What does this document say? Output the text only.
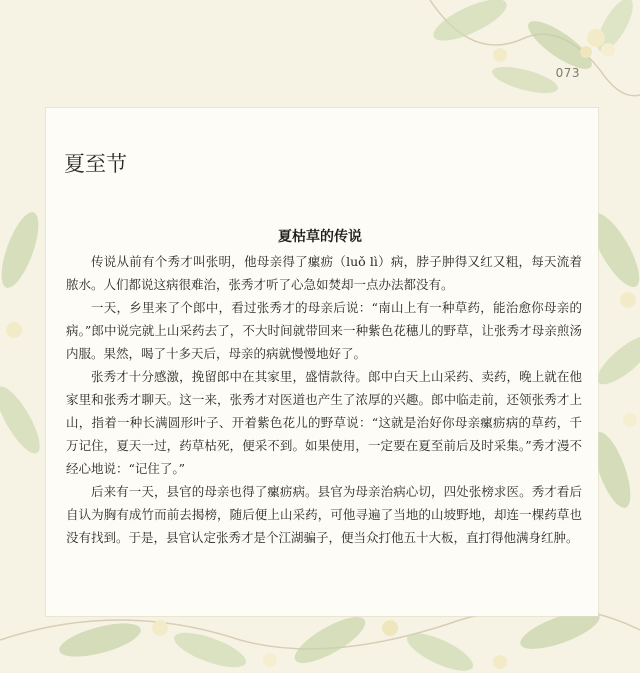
073
夏至节
夏枯草的传说

传说从前有个秀才叫张明，他母亲得了瘰疬（luǒ lì）病，脖子肿得又红又粗，每天流着脓水。人们都说这病很难治，张秀才听了心急如焚却一点办法都没有。

一天，乡里来了个郎中，看过张秀才的母亲后说：“南山上有一种草药，能治愈你母亲的病。”郎中说完就上山采药去了，不大时间就带回来一种紫色花穗儿的野草，让张秀才母亲煎汤内服。果然，喝了十多天后，母亲的病就慢慢地好了。

张秀才十分感激，挽留郎中在其家里，盛情款待。郎中白天上山采药、卖药，晚上就在他家里和张秀才聊天。这一来，张秀才对医道也产生了浓厚的兴趣。郎中临走前，还领张秀才上山，指着一种长满圆形叶子、开着紫色花儿的野草说：“这就是治好你母亲瘰疬病的草药，千万记住，夏天一过，药草枯死，便采不到。如果使用，一定要在夏至前后及时采集。”秀才漫不经心地说：“记住了。”

后来有一天，县官的母亲也得了瘰疬病。县官为母亲治病心切，四处张榜求医。秀才看后自认为胸有成竹而前去揭榜，随后便上山采药，可他寻遍了当地的山坡野地，却连一棵药草也没有找到。于是，县官认定张秀才是个江湖骗子，便当众打他五十大板，直打得他满身红肿。
